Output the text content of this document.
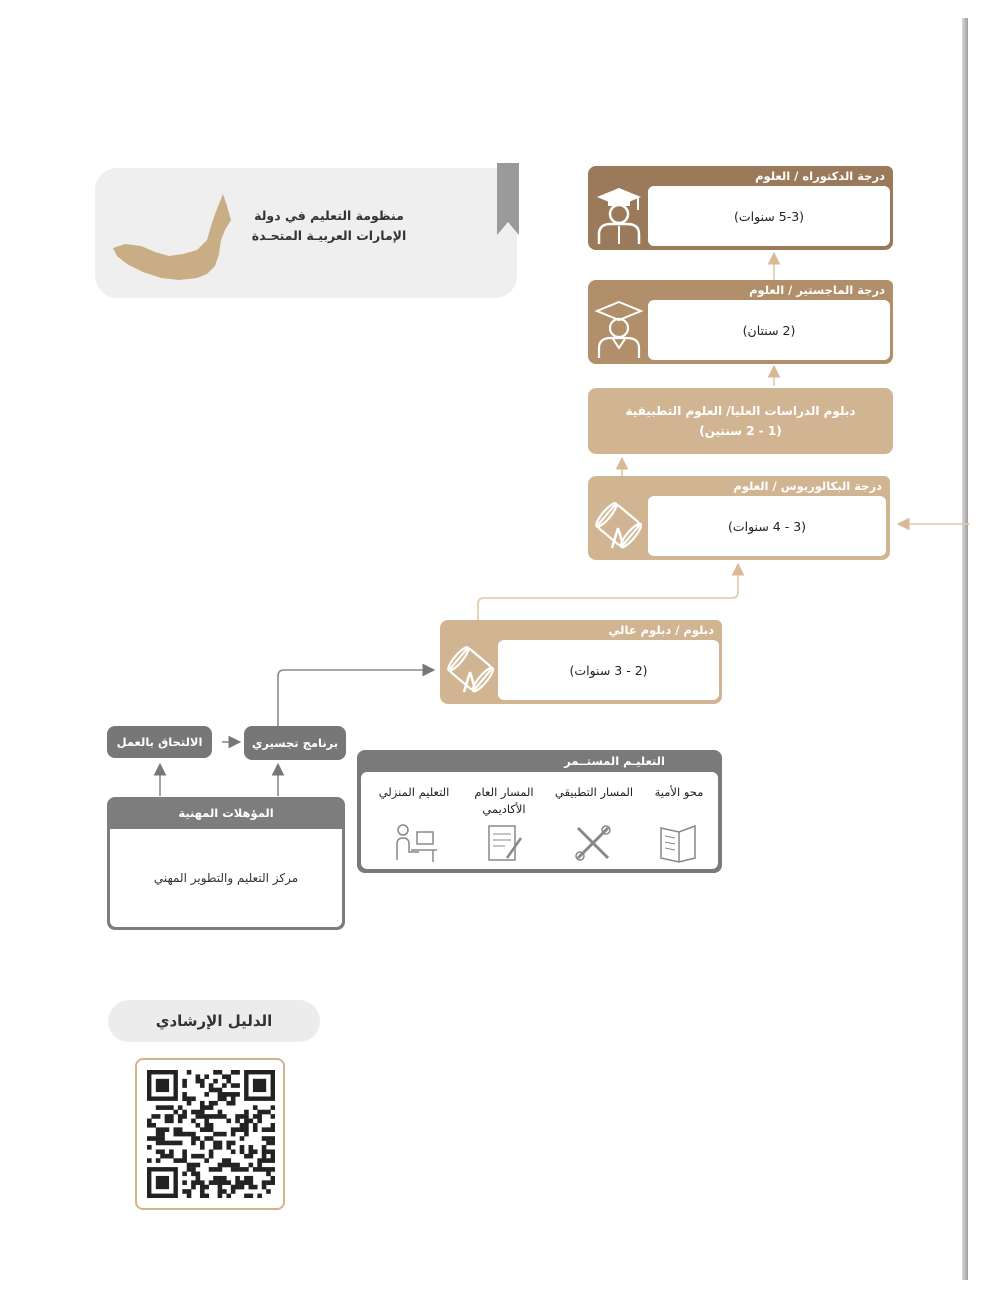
منظومة التعليم في دولة
الإمارات العربيـة المتحـدة
درجة الدكتوراه / العلوم
(5-3 سنوات)
درجة الماجستير / العلوم
(2 سنتان)
دبلوم الدراسات العليا/ العلوم التطبيقية
(1 - 2 سنتين)
درجة البكالوريوس / العلوم
(3 - 4 سنوات)
دبلوم / دبلوم عالي
(2 - 3 سنوات)
الالتحاق بالعمل	برنامج تجسيري
المؤهلات المهنية
مركز التعليم والتطوير المهني
التعليـم المستــمر
محو الأمية
المسار التطبيقي
المسار العام الأكاديمي
التعليم المنزلي
الدليل الإرشادي
